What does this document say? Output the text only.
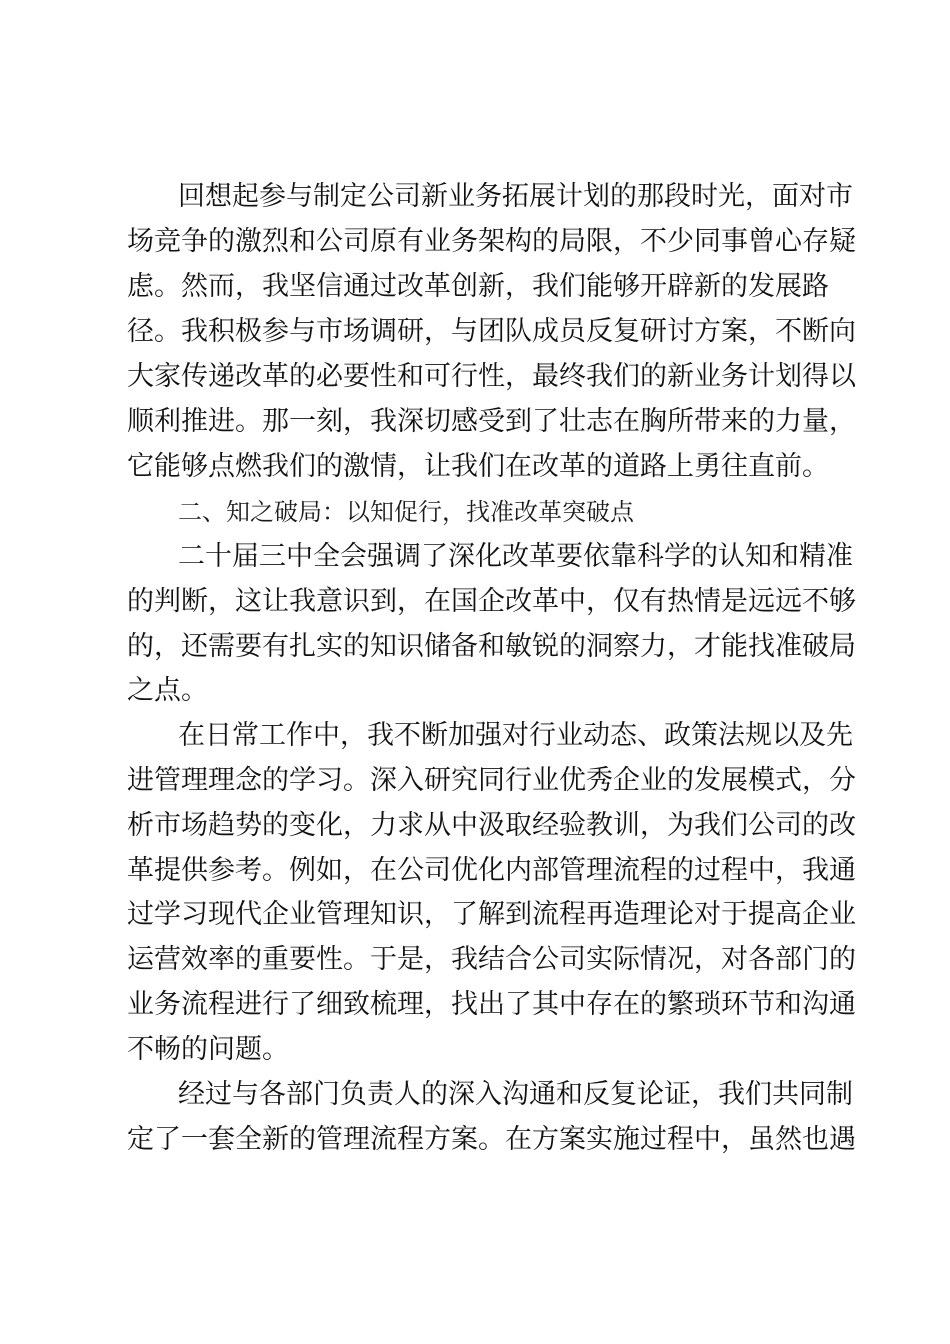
回想起参与制定公司新业务拓展计划的那段时光，面对市
场竞争的激烈和公司原有业务架构的局限，不少同事曾心存疑
虑。然而，我坚信通过改革创新，我们能够开辟新的发展路
径。我积极参与市场调研，与团队成员反复研讨方案，不断向
大家传递改革的必要性和可行性，最终我们的新业务计划得以
顺利推进。那一刻，我深切感受到了壮志在胸所带来的力量，
它能够点燃我们的激情，让我们在改革的道路上勇往直前。
二、知之破局：以知促行，找准改革突破点
二十届三中全会强调了深化改革要依靠科学的认知和精准
的判断，这让我意识到，在国企改革中，仅有热情是远远不够
的，还需要有扎实的知识储备和敏锐的洞察力，才能找准破局
之点。
在日常工作中，我不断加强对行业动态、政策法规以及先
进管理理念的学习。深入研究同行业优秀企业的发展模式，分
析市场趋势的变化，力求从中汲取经验教训，为我们公司的改
革提供参考。例如，在公司优化内部管理流程的过程中，我通
过学习现代企业管理知识，了解到流程再造理论对于提高企业
运营效率的重要性。于是，我结合公司实际情况，对各部门的
业务流程进行了细致梳理，找出了其中存在的繁琐环节和沟通
不畅的问题。
经过与各部门负责人的深入沟通和反复论证，我们共同制
定了一套全新的管理流程方案。在方案实施过程中，虽然也遇
